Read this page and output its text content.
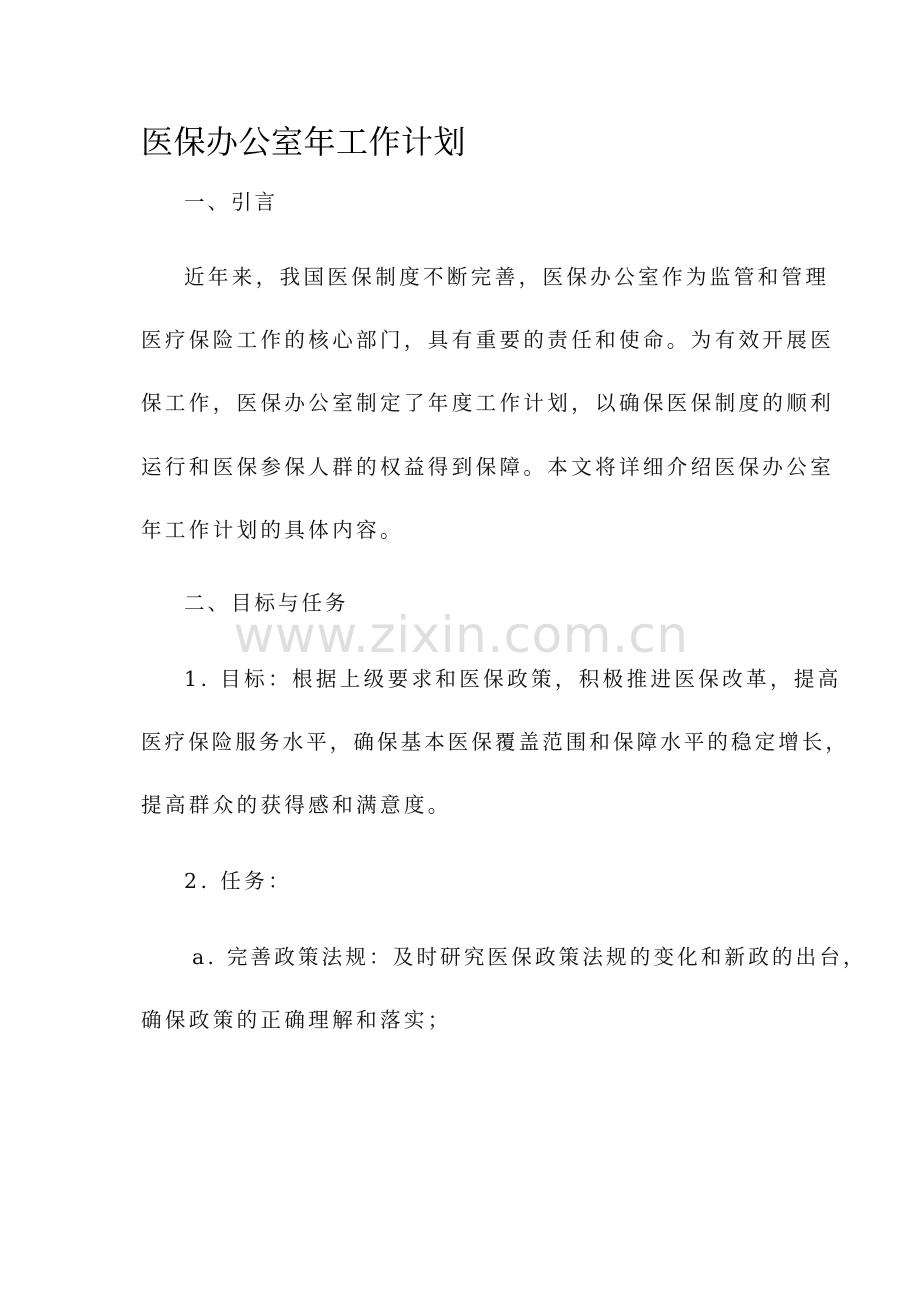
医保办公室年工作计划
一、引言
近年来，我国医保制度不断完善，医保办公室作为监管和管理
医疗保险工作的核心部门，具有重要的责任和使命。为有效开展医
保工作，医保办公室制定了年度工作计划，以确保医保制度的顺利
运行和医保参保人群的权益得到保障。本文将详细介绍医保办公室
年工作计划的具体内容。
二、目标与任务
www.zixin.com.cn
1. 目标：根据上级要求和医保政策，积极推进医保改革，提高
医疗保险服务水平，确保基本医保覆盖范围和保障水平的稳定增长，
提高群众的获得感和满意度。
2. 任务：
a. 完善政策法规：及时研究医保政策法规的变化和新政的出台，
确保政策的正确理解和落实；
